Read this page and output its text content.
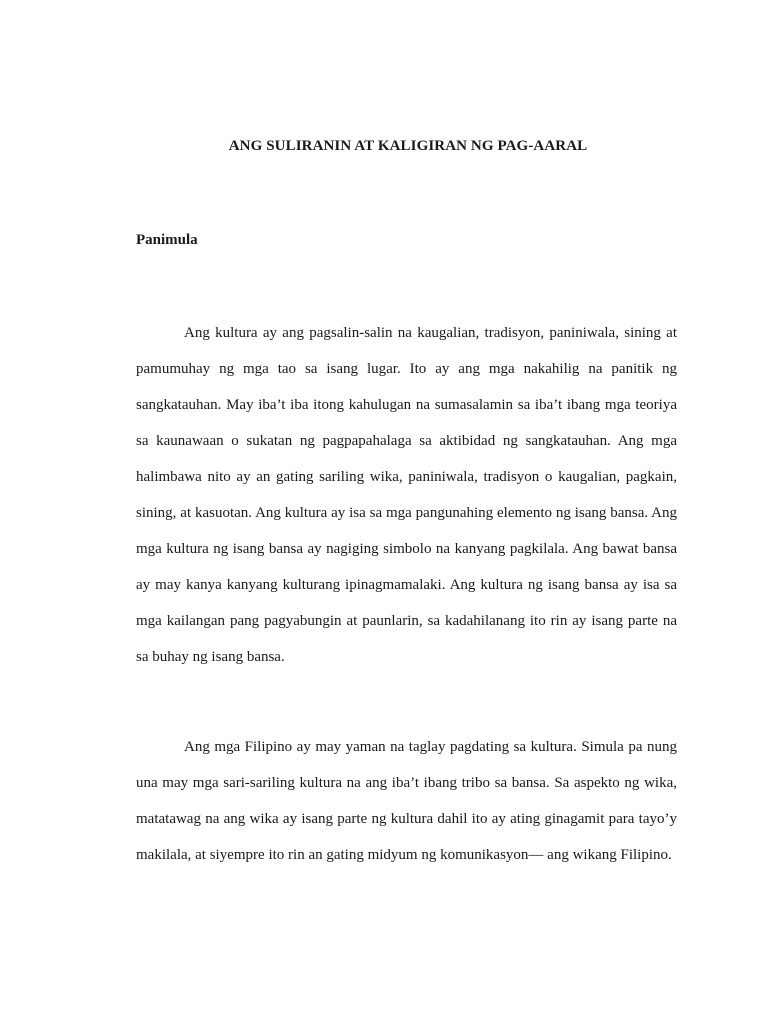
ANG SULIRANIN AT KALIGIRAN NG PAG-AARAL
Panimula

Ang kultura ay ang pagsalin-salin na kaugalian, tradisyon, paniniwala, sining at pamumuhay ng mga tao sa isang lugar. Ito ay ang mga nakahilig na panitik ng sangkatauhan. May iba’t iba itong kahulugan na sumasalamin sa iba’t ibang mga teoriya sa kaunawaan o sukatan ng pagpapahalaga sa aktibidad ng sangkatauhan. Ang mga halimbawa nito ay an gating sariling wika, paniniwala, tradisyon o kaugalian, pagkain, sining, at kasuotan. Ang kultura ay isa sa mga pangunahing elemento ng isang bansa. Ang mga kultura ng isang bansa ay nagiging simbolo na kanyang pagkilala. Ang bawat bansa ay may kanya kanyang kulturang ipinagmamalaki. Ang kultura ng isang bansa ay isa sa mga kailangan pang pagyabungin at paunlarin, sa kadahilanang ito rin ay isang parte na sa buhay ng isang bansa.

Ang mga Filipino ay may yaman na taglay pagdating sa kultura. Simula pa nung una may mga sari-sariling kultura na ang iba’t ibang tribo sa bansa. Sa aspekto ng wika, matatawag na ang wika ay isang parte ng kultura dahil ito ay ating ginagamit para tayo’y makilala, at siyempre ito rin an gating midyum ng komunikasyon— ang wikang Filipino.
